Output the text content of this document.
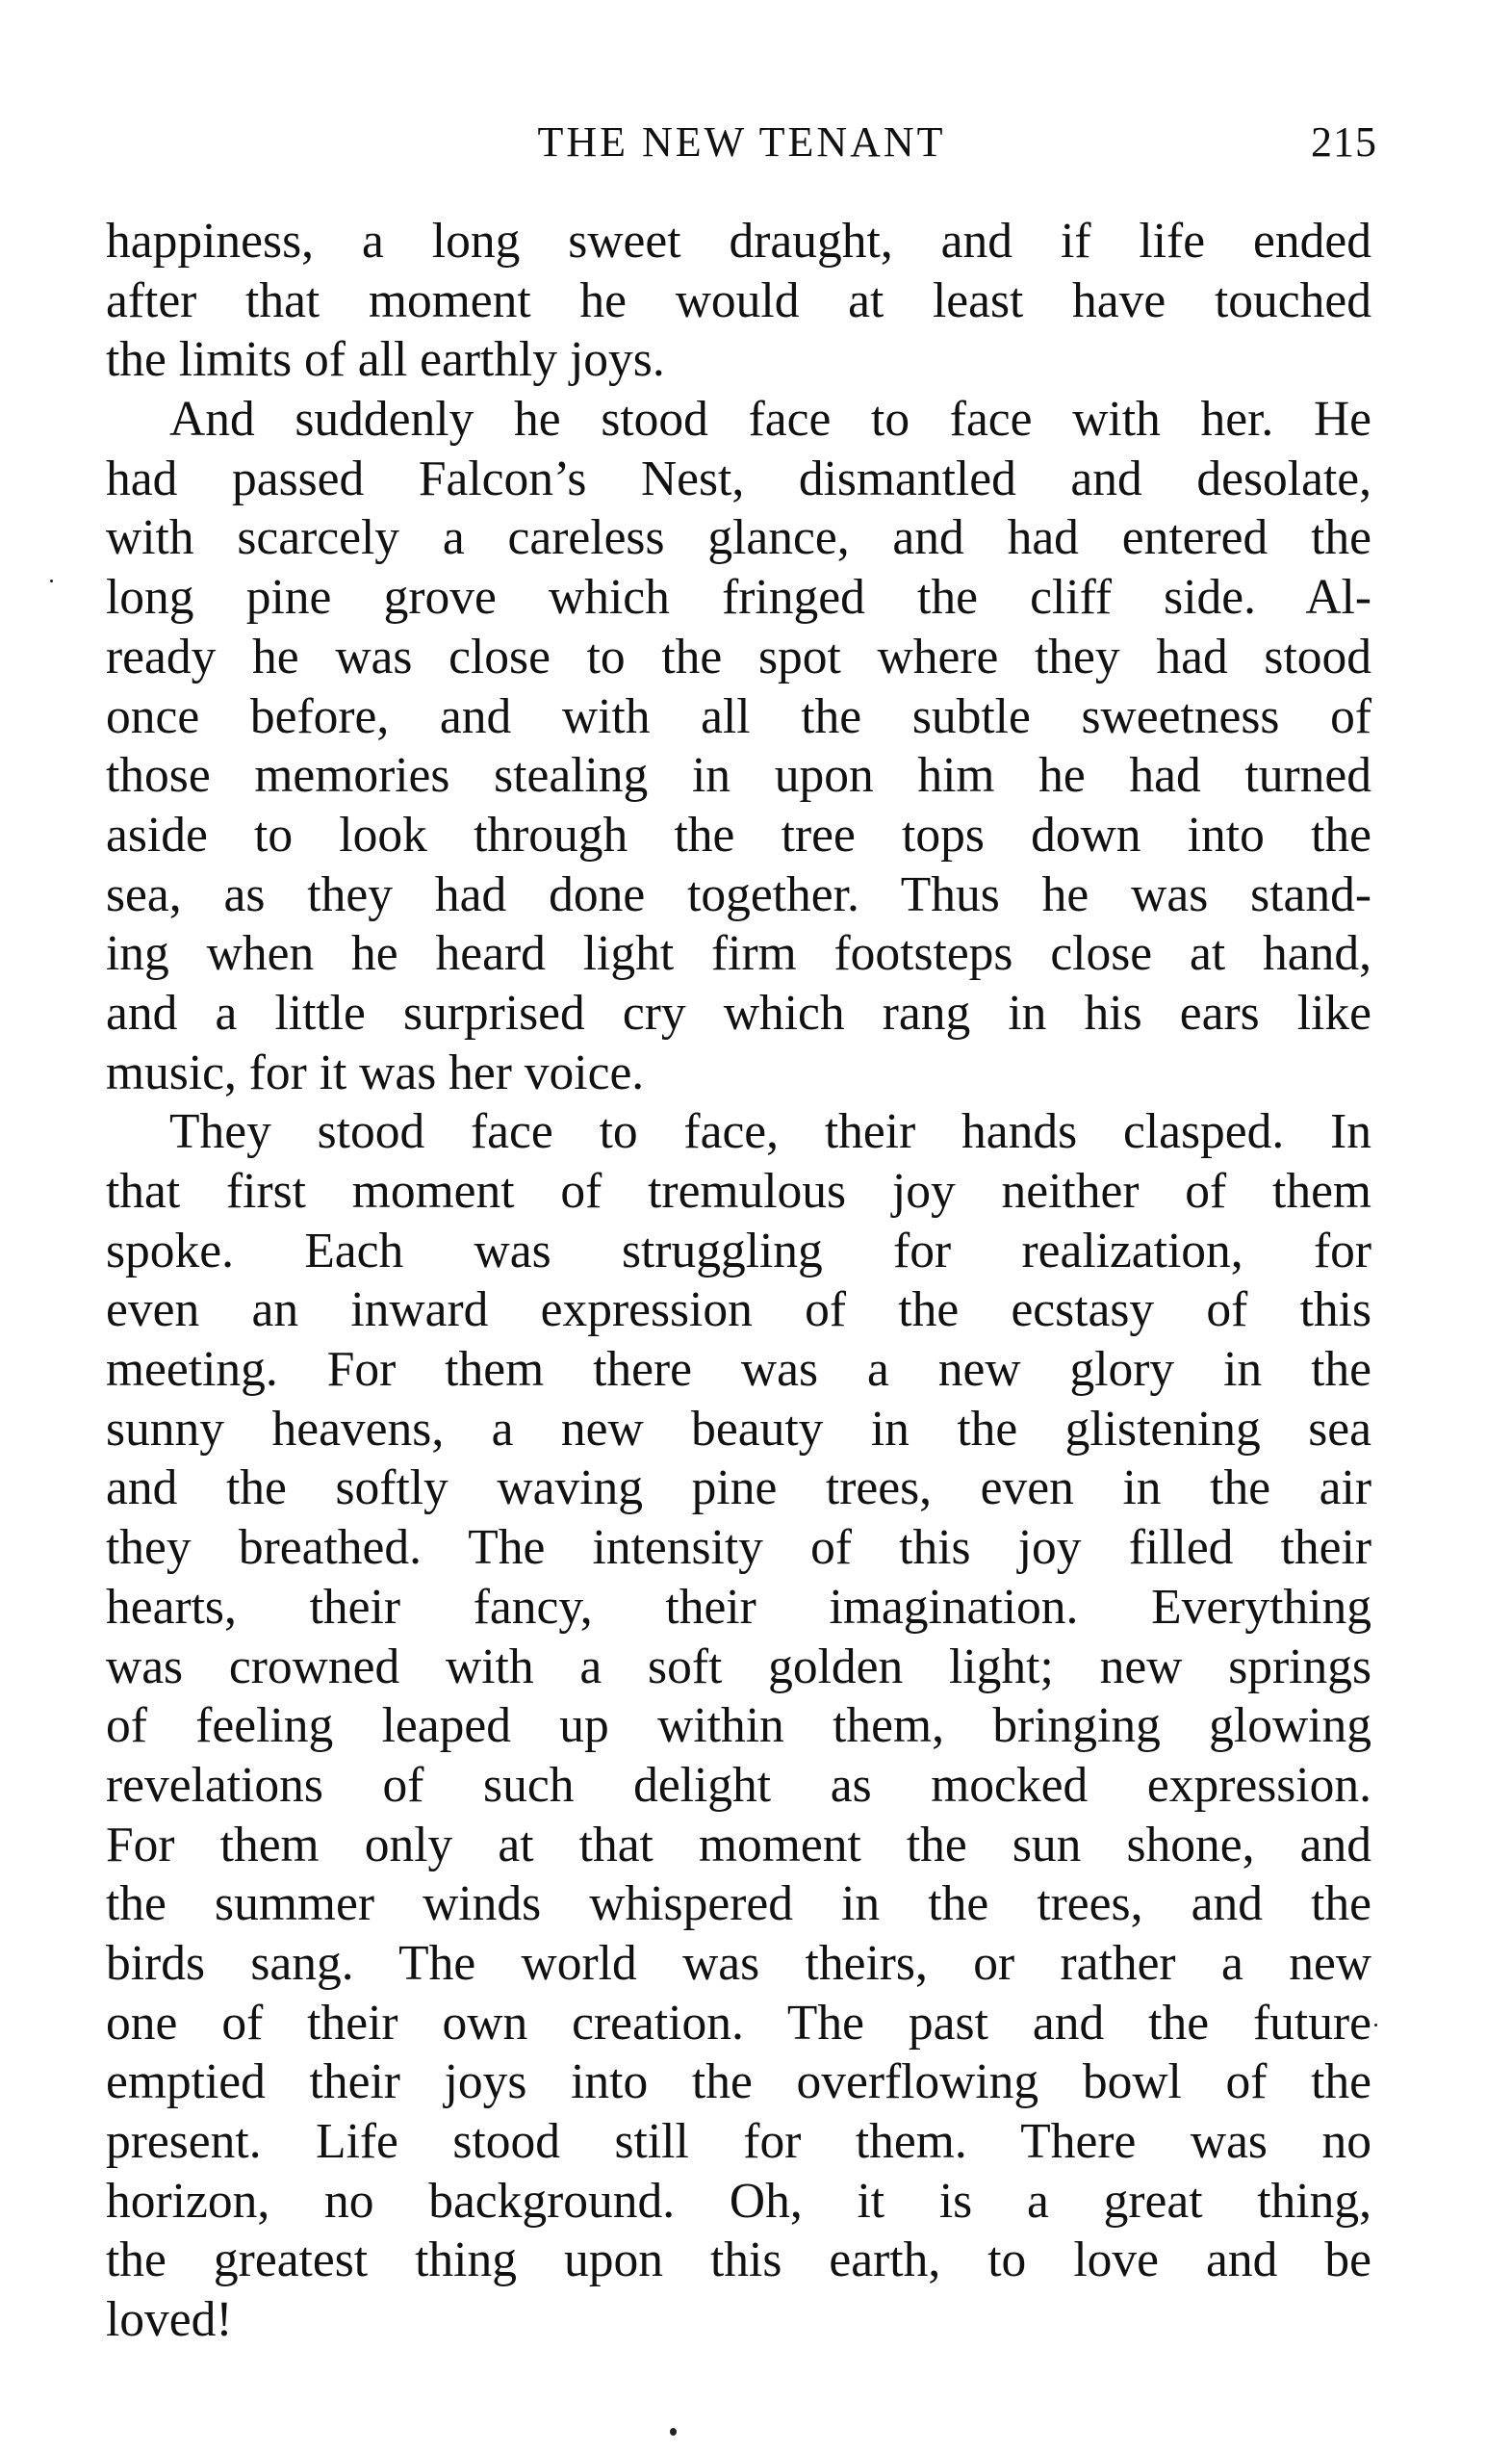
THE NEW TENANT	215
happiness, a long sweet draught, and if life ended
after that moment he would at least have touched
the limits of all earthly joys.
And suddenly he stood face to face with her. He
had passed Falcon’s Nest, dismantled and desolate,
with scarcely a careless glance, and had entered the
long pine grove which fringed the cliff side. Al-
ready he was close to the spot where they had stood
once before, and with all the subtle sweetness of
those memories stealing in upon him he had turned
aside to look through the tree tops down into the
sea, as they had done together. Thus he was stand-
ing when he heard light firm footsteps close at hand,
and a little surprised cry which rang in his ears like
music, for it was her voice.
They stood face to face, their hands clasped. In
that first moment of tremulous joy neither of them
spoke. Each was struggling for realization, for
even an inward expression of the ecstasy of this
meeting. For them there was a new glory in the
sunny heavens, a new beauty in the glistening sea
and the softly waving pine trees, even in the air
they breathed. The intensity of this joy filled their
hearts, their fancy, their imagination. Everything
was crowned with a soft golden light; new springs
of feeling leaped up within them, bringing glowing
revelations of such delight as mocked expression.
For them only at that moment the sun shone, and
the summer winds whispered in the trees, and the
birds sang. The world was theirs, or rather a new
one of their own creation. The past and the future
emptied their joys into the overflowing bowl of the
present. Life stood still for them. There was no
horizon, no background. Oh, it is a great thing,
the greatest thing upon this earth, to love and be
loved!
